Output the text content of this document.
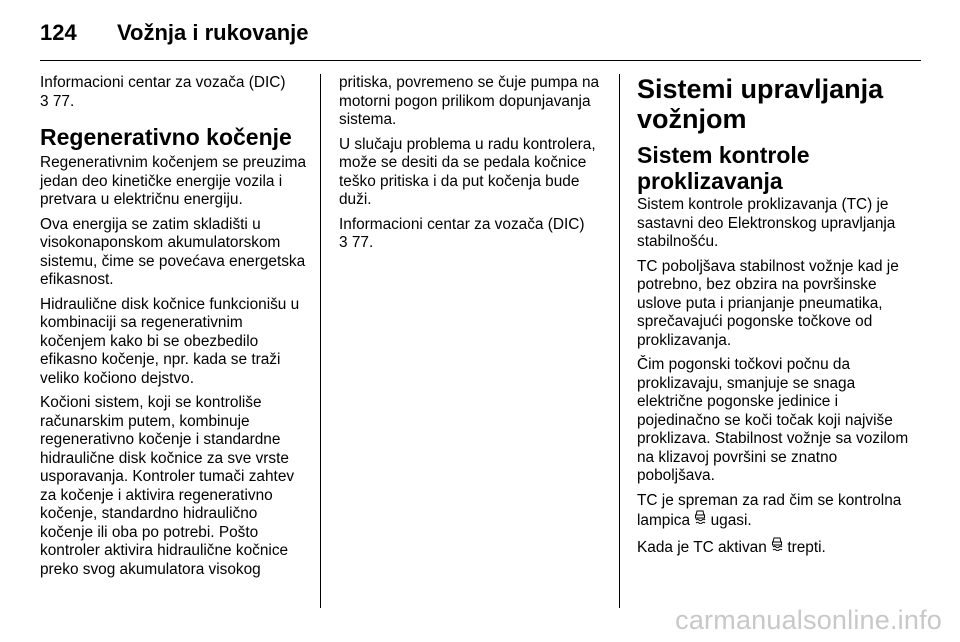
124 Vožnja i rukovanje

Informacioni centar za vozača (DIC)
3 77.

Regenerativno kočenje

Regenerativnim kočenjem se preuzima jedan deo kinetičke energije vozila i pretvara u električnu energiju.

Ova energija se zatim skladišti u visokonaponskom akumulatorskom sistemu, čime se povećava energetska efikasnost.

Hidraulične disk kočnice funkcionišu u kombinaciji sa regenerativnim kočenjem kako bi se obezbedilo efikasno kočenje, npr. kada se traži veliko kočiono dejstvo.

Kočioni sistem, koji se kontroliše računarskim putem, kombinuje regenerativno kočenje i standardne hidraulične disk kočnice za sve vrste usporavanja. Kontroler tumači zahtev za kočenje i aktivira regenerativno kočenje, standardno hidraulično kočenje ili oba po potrebi. Pošto kontroler aktivira hidraulične kočnice preko svog akumulatora visokog

pritiska, povremeno se čuje pumpa na motorni pogon prilikom dopunjavanja sistema.

U slučaju problema u radu kontrolera, može se desiti da se pedala kočnice teško pritiska i da put kočenja bude duži.

Informacioni centar za vozača (DIC)
3 77.

Sistemi upravljanja vožnjom
Sistem kontrole proklizavanja

Sistem kontrole proklizavanja (TC) je sastavni deo Elektronskog upravljanja stabilnošću.

TC poboljšava stabilnost vožnje kad je potrebno, bez obzira na površinske uslove puta i prianjanje pneumatika, sprečavajući pogonske točkove od proklizavanja.

Čim pogonski točkovi počnu da proklizavaju, smanjuje se snaga električne pogonske jedinice i pojedinačno se koči točak koji najviše proklizava. Stabilnost vožnje sa vozilom na klizavoj površini se znatno poboljšava.

TC je spreman za rad čim se kontrolna lampica ugasi.

Kada je TC aktivan trepti.

carmanualsonline.info
